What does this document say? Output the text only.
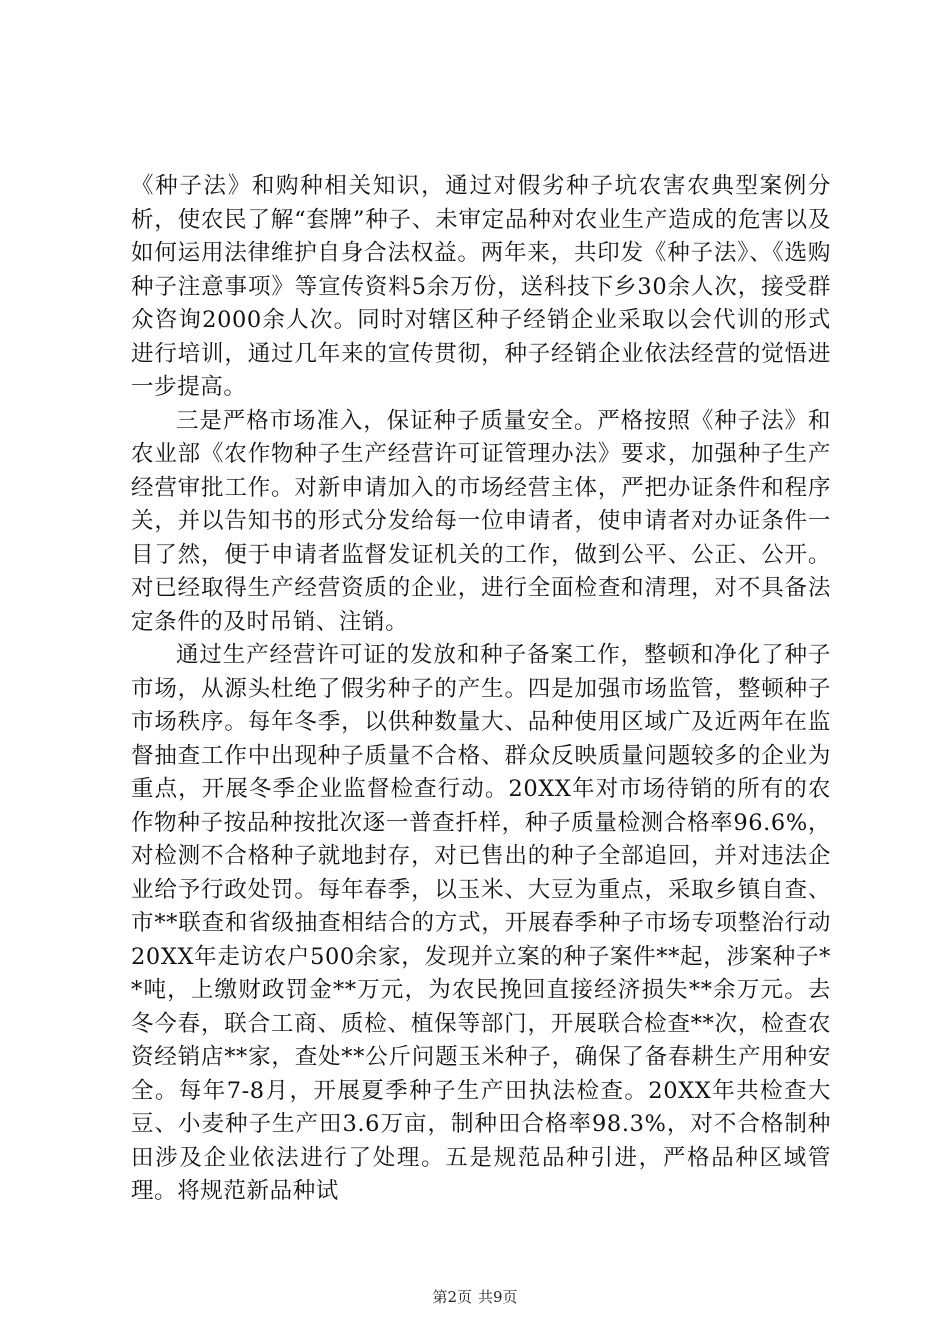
《种子法》和购种相关知识，通过对假劣种子坑农害农典型案例分析，使农民了解“套牌”种子、未审定品种对农业生产造成的危害以及如何运用法律维护自身合法权益。两年来，共印发《种子法》、《选购种子注意事项》等宣传资料5余万份，送科技下乡30余人次，接受群众咨询2000余人次。同时对辖区种子经销企业采取以会代训的形式进行培训，通过几年来的宣传贯彻，种子经销企业依法经营的觉悟进一步提高。

三是严格市场准入，保证种子质量安全。严格按照《种子法》和农业部《农作物种子生产经营许可证管理办法》要求，加强种子生产经营审批工作。对新申请加入的市场经营主体，严把办证条件和程序关，并以告知书的形式分发给每一位申请者，使申请者对办证条件一目了然，便于申请者监督发证机关的工作，做到公平、公正、公开。对已经取得生产经营资质的企业，进行全面检查和清理，对不具备法定条件的及时吊销、注销。

通过生产经营许可证的发放和种子备案工作，整顿和净化了种子市场，从源头杜绝了假劣种子的产生。四是加强市场监管，整顿种子市场秩序。每年冬季，以供种数量大、品种使用区域广及近两年在监督抽查工作中出现种子质量不合格、群众反映质量问题较多的企业为重点，开展冬季企业监督检查行动。20XX年对市场待销的所有的农作物种子按品种按批次逐一普查扦样，种子质量检测合格率96.6%，对检测不合格种子就地封存，对已售出的种子全部追回，并对违法企业给予行政处罚。每年春季，以玉米、大豆为重点，采取乡镇自查、市**联查和省级抽查相结合的方式，开展春季种子市场专项整治行动20XX年走访农户500余家，发现并立案的种子案件**起，涉案种子**吨，上缴财政罚金**万元，为农民挽回直接经济损失**余万元。去冬今春，联合工商、质检、植保等部门，开展联合检查**次，检查农资经销店**家，查处**公斤问题玉米种子，确保了备春耕生产用种安全。每年7-8月，开展夏季种子生产田执法检查。20XX年共检查大豆、小麦种子生产田3.6万亩，制种田合格率98.3%，对不合格制种田涉及企业依法进行了处理。五是规范品种引进，严格品种区域管理。将规范新品种试

第2页 共9页
